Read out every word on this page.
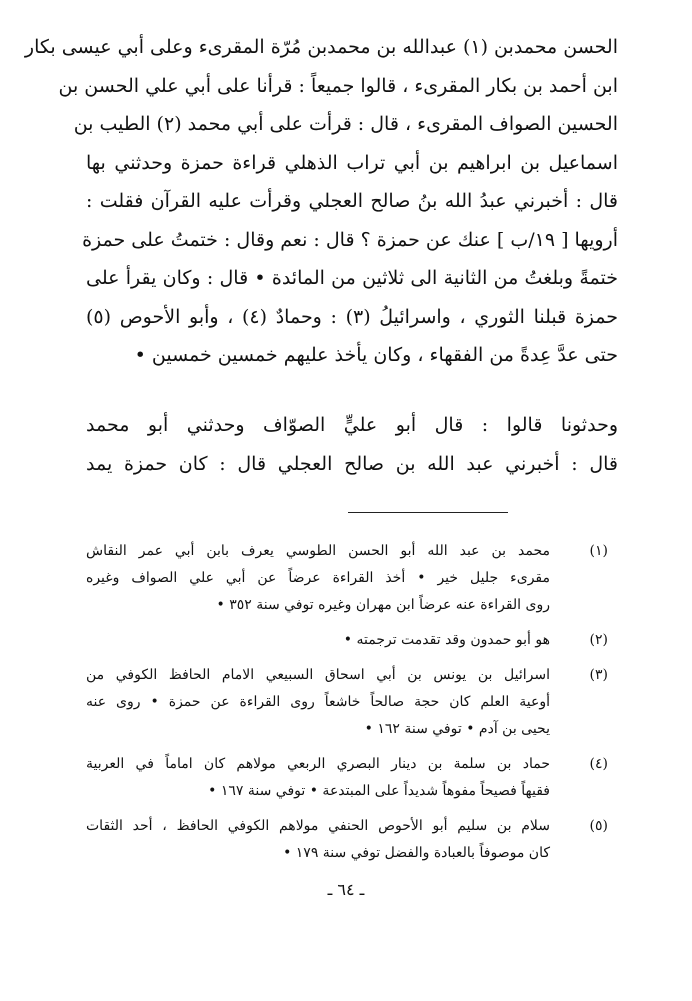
الحسن محمدبن (١) عبدالله بن محمدبن مُرّة المقرىء وعلى أبي عيسى بكار
ابن أحمد بن بكار المقرىء ، قالوا جميعاً : قرأنا على أبي علي الحسن بن
الحسين الصواف المقرىء ، قال : قرأت على أبي محمد (٢) الطيب بن
اسماعيل بن ابراهيم بن أبي تراب الذهلي قراءة حمزة وحدثني بها
قال : أخبرني عبدُ الله بنُ صالح العجلي وقرأت عليه القرآن فقلت :
أرويها [ ١٩/ب ] عنك عن حمزة ؟ قال : نعم وقال : ختمتُ على حمزة
ختمةً وبلغتُ من الثانية الى ثلاثين من المائدة • قال : وكان يقرأ على
حمزة قبلنا الثوري ، واسرائيلُ (٣) : وحمادٌ (٤) ، وأبو الأحوص (٥)
حتى عدَّ عِدةً من الفقهاء ، وكان يأخذ عليهم خمسين خمسين •
وحدثونا قالوا : قال أبو عليٍّ الصوّاف وحدثني أبو محمد
قال : أخبرني عبد الله بن صالح العجلي قال : كان حمزة يمد
(١)
محمد بن عبد الله أبو الحسن الطوسي يعرف بابن أبي عمر النقاش
مقرىء جليل خير • أخذ القراءة عرضاً عن أبي علي الصواف وغيره
روى القراءة عنه عرضاً ابن مهران وغيره توفي سنة ٣٥٢ •
(٢)
هو أبو حمدون وقد تقدمت ترجمته •
(٣)
اسرائيل بن يونس بن أبي اسحاق السبيعي الامام الحافظ الكوفي من
أوعية العلم كان حجة صالحاً خاشعاً روى القراءة عن حمزة • روى عنه
يحيى بن آدم • توفي سنة ١٦٢ •
(٤)
حماد بن سلمة بن دينار البصري الربعي مولاهم كان اماماً في العربية
فقيهاً فصيحاً مفوهاً شديداً على المبتدعة • توفي سنة ١٦٧ •
(٥)
سلام بن سليم أبو الأحوص الحنفي مولاهم الكوفي الحافظ ، أحد الثقات
كان موصوفاً بالعبادة والفضل توفي سنة ١٧٩ •
ـ ٦٤ ـ
